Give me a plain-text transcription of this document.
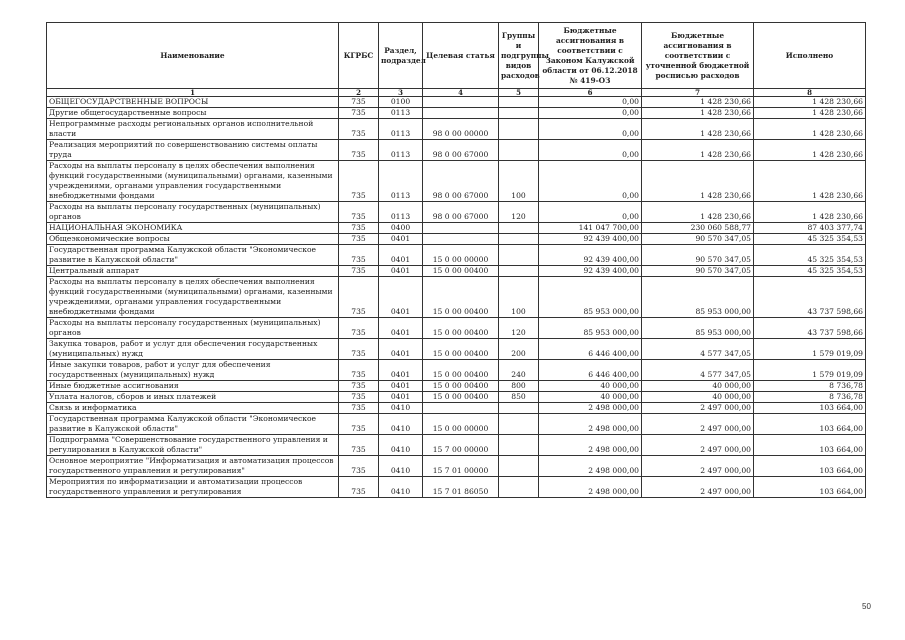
Наименование	КГРБС	Раздел, подраздел	Целевая статья	Группы и подгруппы видов расходов	Бюджетные ассигнования в соответствии с Законом Калужской области от 06.12.2018 № 419-ОЗ	Бюджетные ассигнования в соответствии с уточненной бюджетной росписью расходов	Исполнено
1	2	3	4	5	6	7	8
ОБЩЕГОСУДАРСТВЕННЫЕ ВОПРОСЫ	735	0100			0,00	1 428 230,66	1 428 230,66
Другие общегосударственные вопросы	735	0113			0,00	1 428 230,66	1 428 230,66
Непрограммные расходы региональных органов исполнительной власти	735	0113	98 0 00 00000		0,00	1 428 230,66	1 428 230,66
Реализация мероприятий по совершенствованию системы оплаты труда	735	0113	98 0 00 67000		0,00	1 428 230,66	1 428 230,66
Расходы на выплаты персоналу в целях обеспечения выполнения функций государственными (муниципальными) органами, казенными учреждениями, органами управления государственными внебюджетными фондами	735	0113	98 0 00 67000	100	0,00	1 428 230,66	1 428 230,66
Расходы на выплаты персоналу государственных (муниципальных) органов	735	0113	98 0 00 67000	120	0,00	1 428 230,66	1 428 230,66
НАЦИОНАЛЬНАЯ ЭКОНОМИКА	735	0400			141 047 700,00	230 060 588,77	87 403 377,74
Общеэкономические вопросы	735	0401			92 439 400,00	90 570 347,05	45 325 354,53
Государственная программа Калужской области "Экономическое развитие в Калужской области"	735	0401	15 0 00 00000		92 439 400,00	90 570 347,05	45 325 354,53
Центральный аппарат	735	0401	15 0 00 00400		92 439 400,00	90 570 347,05	45 325 354,53
Расходы на выплаты персоналу в целях обеспечения выполнения функций государственными (муниципальными) органами, казенными учреждениями, органами управления государственными внебюджетными фондами	735	0401	15 0 00 00400	100	85 953 000,00	85 953 000,00	43 737 598,66
Расходы на выплаты персоналу государственных (муниципальных) органов	735	0401	15 0 00 00400	120	85 953 000,00	85 953 000,00	43 737 598,66
Закупка товаров, работ и услуг для обеспечения государственных (муниципальных) нужд	735	0401	15 0 00 00400	200	6 446 400,00	4 577 347,05	1 579 019,09
Иные закупки товаров, работ и услуг для обеспечения государственных (муниципальных) нужд	735	0401	15 0 00 00400	240	6 446 400,00	4 577 347,05	1 579 019,09
Иные бюджетные ассигнования	735	0401	15 0 00 00400	800	40 000,00	40 000,00	8 736,78
Уплата налогов, сборов и иных платежей	735	0401	15 0 00 00400	850	40 000,00	40 000,00	8 736,78
Связь и информатика	735	0410			2 498 000,00	2 497 000,00	103 664,00
Государственная программа Калужской области "Экономическое развитие в Калужской области"	735	0410	15 0 00 00000		2 498 000,00	2 497 000,00	103 664,00
Подпрограмма "Совершенствование государственного управления и регулирования в Калужской области"	735	0410	15 7 00 00000		2 498 000,00	2 497 000,00	103 664,00
Основное мероприятие "Информатизация и автоматизация процессов государственного управления и регулирования"	735	0410	15 7 01 00000		2 498 000,00	2 497 000,00	103 664,00
Мероприятия по информатизации и автоматизации процессов государственного управления и регулирования	735	0410	15 7 01 86050		2 498 000,00	2 497 000,00	103 664,00
50
